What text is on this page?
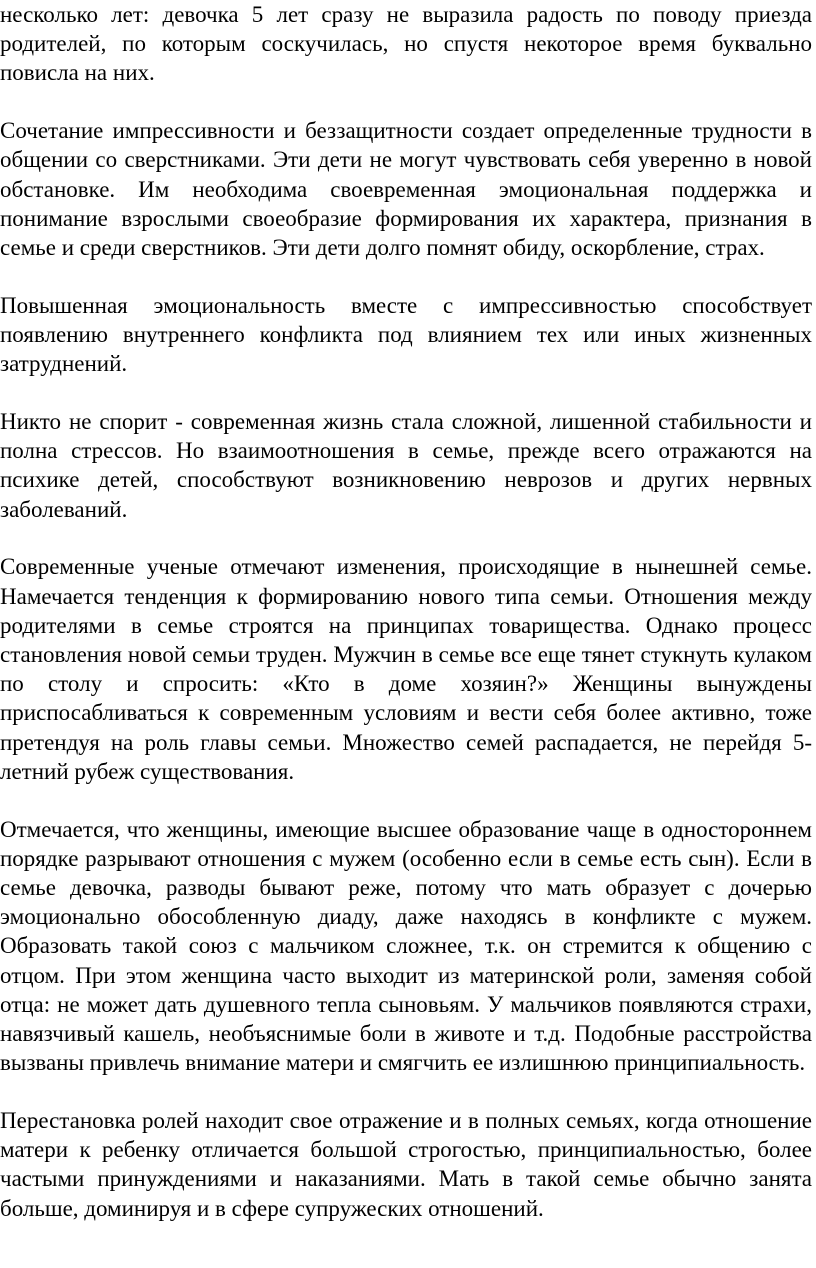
несколько лет: девочка 5 лет сразу не выразила радость по поводу приезда родителей, по которым соскучилась, но спустя некоторое время буквально повисла на них.

Сочетание импрессивности и беззащитности создает определенные трудности в общении со сверстниками. Эти дети не могут чувствовать себя уверенно в новой обстановке. Им необходима своевременная эмоциональная поддержка и понимание взрослыми своеобразие формирования их характера, признания в семье и среди сверстников. Эти дети долго помнят обиду, оскорбление, страх.

Повышенная эмоциональность вместе с импрессивностью способствует появлению внутреннего конфликта под влиянием тех или иных жизненных затруднений.

Никто не спорит - современная жизнь стала сложной, лишенной стабильности и полна стрессов. Но взаимоотношения в семье, прежде всего отражаются на психике детей, способствуют возникновению неврозов и других нервных заболеваний.

Современные ученые отмечают изменения, происходящие в нынешней семье. Намечается тенденция к формированию нового типа семьи. Отношения между родителями в семье строятся на принципах товарищества. Однако процесс становления новой семьи труден. Мужчин в семье все еще тянет стукнуть кулаком по столу и спросить: «Кто в доме хозяин?» Женщины вынуждены приспосабливаться к современным условиям и вести себя более активно, тоже претендуя на роль главы семьи. Множество семей распадается, не перейдя 5-летний рубеж существования.

Отмечается, что женщины, имеющие высшее образование чаще в одностороннем порядке разрывают отношения с мужем (особенно если в семье есть сын). Если в семье девочка, разводы бывают реже, потому что мать образует с дочерью эмоционально обособленную диаду, даже находясь в конфликте с мужем. Образовать такой союз с мальчиком сложнее, т.к. он стремится к общению с отцом. При этом женщина часто выходит из материнской роли, заменяя собой отца: не может дать душевного тепла сыновьям. У мальчиков появляются страхи, навязчивый кашель, необъяснимые боли в животе и т.д. Подобные расстройства вызваны привлечь внимание матери и смягчить ее излишнюю принципиальность.

Перестановка ролей находит свое отражение и в полных семьях, когда отношение матери к ребенку отличается большой строгостью, принципиальностью, более частыми принуждениями и наказаниями. Мать в такой семье обычно занята больше, доминируя и в сфере супружеских отношений.
